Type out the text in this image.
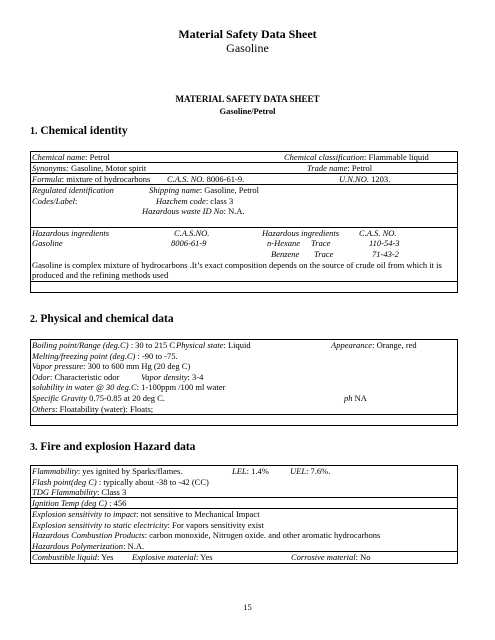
Material Safety Data Sheet
Gasoline
MATERIAL SAFETY DATA SHEET
Gasoline/Petrol
1. Chemical identity
Chemical name: Petrol	Chemical classification: Flammable liquid
Synonyms: Gasoline, Motor spirit	Trade name: Petrol
Formula: mixture of hydrocarbons C.A.S. NO. 8006-61-9.	U.N.NO. 1203.
Regulated identification	Shipping name: Gasoline, Petrol
Codes/Label:	Hazchem code: class 3
Hazardous waste ID No: N.A.
Hazardous ingredients	C.A.S.NO.	Hazardous ingredients C.A.S. NO.
Gasoline	8006-61-9	n-Hexane Trace	110-54-3
Benzene Trace	71-43-2
Gasoline is complex mixture of hydrocarbons .It’s exact composition depends on the source of crude oil from which it is produced and the refining methods used
2. Physical and chemical data
Boiling point/Range (deg.C) : 30 to 215 C Physical state: Liquid	Appearance: Orange, red
Melting/freezing point (deg.C) : -90 to -75.
Vapor pressure: 300 to 600 mm Hg (20 deg C)
Odor: Characteristic odor	Vapor density: 3-4
solubility in water @ 30 deg.C: 1-100ppm /100 ml water
Specific Gravity 0.75-0.85 at 20 deg C.	ph NA
Others: Floatability (water): Floats;
3. Fire and explosion Hazard data
Flammability: yes ignited by Sparks/flames.	LEL: 1.4% UEL: 7.6%.
Flash point(deg C) : typically about -38 to -42 (CC)
TDG Flammability: Class 3
Ignition Temp (deg C) : 456
Explosion sensitivity to impact: not sensitive to Mechanical Impact
Explosion sensitivity to static electricity: For vapors sensitivity exist
Hazardous Combustion Products: carbon monoxide, Nitrogen oxide. and other aromatic hydrocarbons
Hazardous Polymerization: N.A.
Combustible liquid: Yes Explosive material: Yes	Corrosive material: No
15
